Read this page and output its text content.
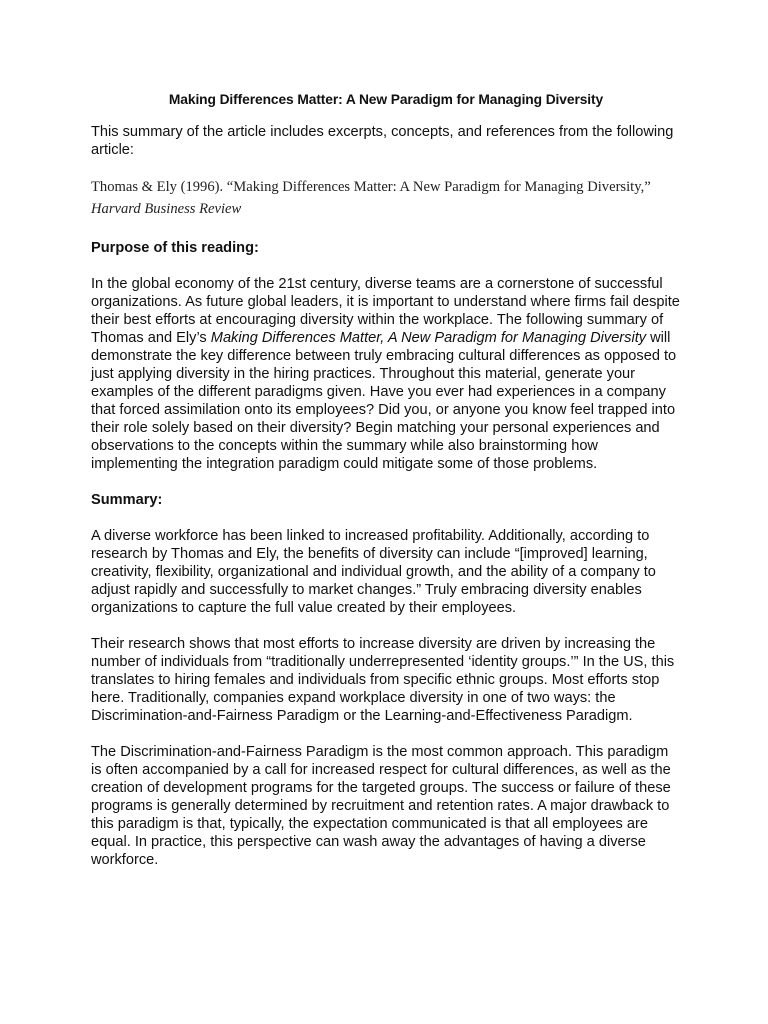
Making Differences Matter: A New Paradigm for Managing Diversity

This summary of the article includes excerpts, concepts, and references from the following article:

Thomas & Ely (1996). “Making Differences Matter: A New Paradigm for Managing Diversity,” Harvard Business Review

Purpose of this reading:

In the global economy of the 21st century, diverse teams are a cornerstone of successful organizations. As future global leaders, it is important to understand where firms fail despite their best efforts at encouraging diversity within the workplace. The following summary of Thomas and Ely’s Making Differences Matter, A New Paradigm for Managing Diversity will demonstrate the key difference between truly embracing cultural differences as opposed to just applying diversity in the hiring practices. Throughout this material, generate your examples of the different paradigms given. Have you ever had experiences in a company that forced assimilation onto its employees? Did you, or anyone you know feel trapped into their role solely based on their diversity? Begin matching your personal experiences and observations to the concepts within the summary while also brainstorming how implementing the integration paradigm could mitigate some of those problems.

Summary:

A diverse workforce has been linked to increased profitability. Additionally, according to research by Thomas and Ely, the benefits of diversity can include “[improved] learning, creativity, flexibility, organizational and individual growth, and the ability of a company to adjust rapidly and successfully to market changes.” Truly embracing diversity enables organizations to capture the full value created by their employees.

Their research shows that most efforts to increase diversity are driven by increasing the number of individuals from “traditionally underrepresented ‘identity groups.’” In the US, this translates to hiring females and individuals from specific ethnic groups. Most efforts stop here. Traditionally, companies expand workplace diversity in one of two ways: the Discrimination-and-Fairness Paradigm or the Learning-and-Effectiveness Paradigm.

The Discrimination-and-Fairness Paradigm is the most common approach. This paradigm is often accompanied by a call for increased respect for cultural differences, as well as the creation of development programs for the targeted groups. The success or failure of these programs is generally determined by recruitment and retention rates. A major drawback to this paradigm is that, typically, the expectation communicated is that all employees are equal. In practice, this perspective can wash away the advantages of having a diverse workforce.
